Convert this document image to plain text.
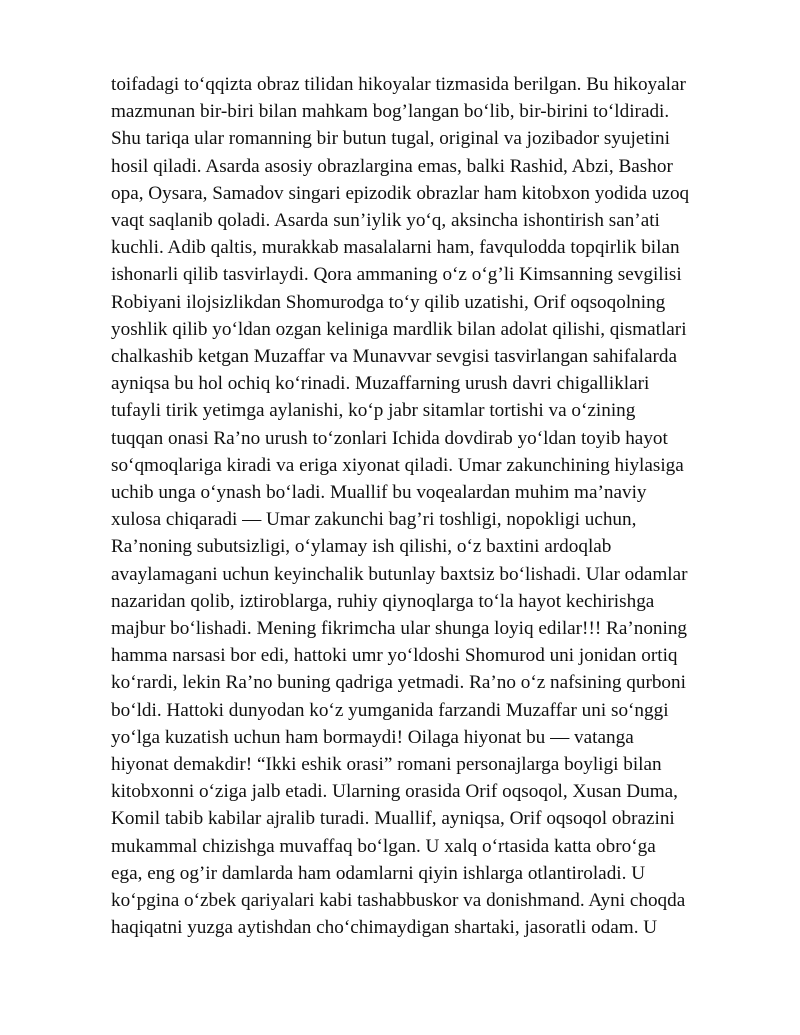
toifadagi to‘qqizta obraz tilidan hikoyalar tizmasida berilgan. Bu hikoyalar
mazmunan bir-biri bilan mahkam bog’langan bo‘lib, bir-birini to‘ldiradi.
Shu tariqa ular romanning bir butun tugal, original va jozibador syujetini
hosil qiladi. Asarda asosiy obrazlargina emas, balki Rashid, Abzi, Bashor
opa, Oysara, Samadov singari epizodik obrazlar ham kitobxon yodida uzoq
vaqt saqlanib qoladi. Asarda sun’iylik yo‘q, aksincha ishontirish san’ati
kuchli. Adib qaltis, murakkab masalalarni ham, favqulodda topqirlik bilan
ishonarli qilib tasvirlaydi. Qora ammaning o‘z o‘g’li Kimsanning sevgilisi
Robiyani ilojsizlikdan Shomurodga to‘y qilib uzatishi, Orif oqsoqolning
yoshlik qilib yo‘ldan ozgan keliniga mardlik bilan adolat qilishi, qismatlari
chalkashib ketgan Muzaffar va Munavvar sevgisi tasvirlangan sahifalarda
ayniqsa bu hol ochiq ko‘rinadi. Muzaffarning urush davri chigalliklari
tufayli tirik yetimga aylanishi, ko‘p jabr sitamlar tortishi va o‘zining
tuqqan onasi Ra’no urush to‘zonlari Ichida dovdirab yo‘ldan toyib hayot
so‘qmoqlariga kiradi va eriga xiyonat qiladi. Umar zakunchining hiylasiga
uchib unga o‘ynash bo‘ladi. Muallif bu voqealardan muhim ma’naviy
xulosa chiqaradi — Umar zakunchi bag’ri toshligi, nopokligi uchun,
Ra’noning subutsizligi, o‘ylamay ish qilishi, o‘z baxtini ardoqlab
avaylamagani uchun keyinchalik butunlay baxtsiz bo‘lishadi. Ular odamlar
nazaridan qolib, iztiroblarga, ruhiy qiynoqlarga to‘la hayot kechirishga
majbur bo‘lishadi. Mening fikrimcha ular shunga loyiq edilar!!! Ra’noning
hamma narsasi bor edi, hattoki umr yo‘ldoshi Shomurod uni jonidan ortiq
ko‘rardi, lekin Ra’no buning qadriga yetmadi. Ra’no o‘z nafsining qurboni
bo‘ldi. Hattoki dunyodan ko‘z yumganida farzandi Muzaffar uni so‘nggi
yo‘lga kuzatish uchun ham bormaydi! Oilaga hiyonat bu — vatanga
hiyonat demakdir! “Ikki eshik orasi” romani personajlarga boyligi bilan
kitobxonni o‘ziga jalb etadi. Ularning orasida Orif oqsoqol, Xusan Duma,
Komil tabib kabilar ajralib turadi. Muallif, ayniqsa, Orif oqsoqol obrazini
mukammal chizishga muvaffaq bo‘lgan. U xalq o‘rtasida katta obro‘ga
ega, eng og’ir damlarda ham odamlarni qiyin ishlarga otlantiroladi. U
ko‘pgina o‘zbek qariyalari kabi tashabbuskor va donishmand. Ayni choqda
haqiqatni yuzga aytishdan cho‘chimaydigan shartaki, jasoratli odam. U
